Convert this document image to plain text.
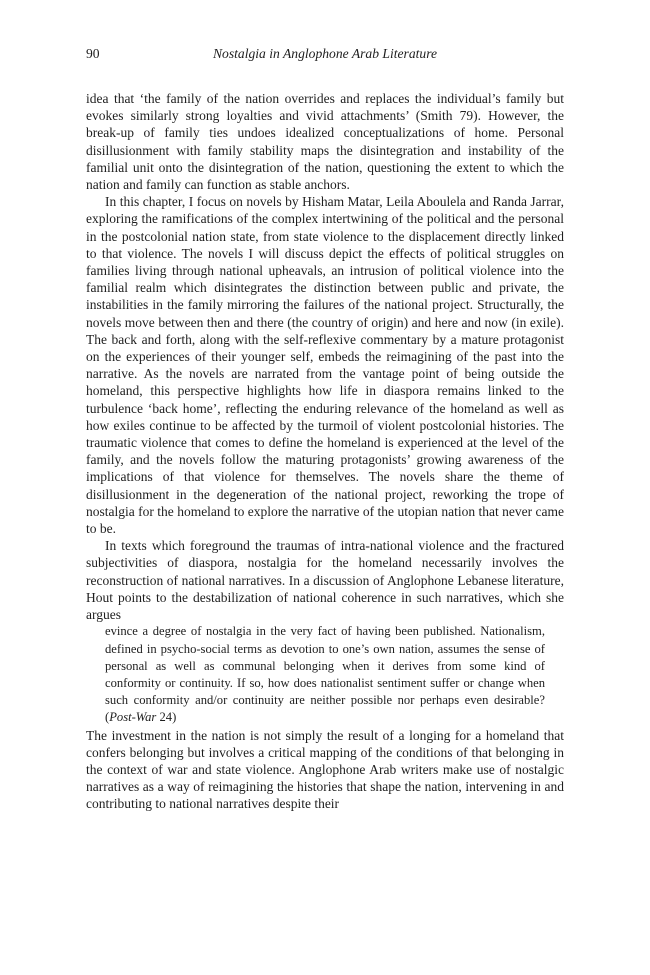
90	Nostalgia in Anglophone Arab Literature

idea that ‘the family of the nation overrides and replaces the individual’s family but evokes similarly strong loyalties and vivid attachments’ (Smith 79). However, the break-up of family ties undoes idealized conceptualizations of home. Personal disillusionment with family stability maps the disintegration and instability of the familial unit onto the disintegration of the nation, questioning the extent to which the nation and family can function as stable anchors.

In this chapter, I focus on novels by Hisham Matar, Leila Aboulela and Randa Jarrar, exploring the ramifications of the complex intertwining of the political and the personal in the postcolonial nation state, from state violence to the displacement directly linked to that violence. The novels I will discuss depict the effects of political struggles on families living through national upheavals, an intrusion of political violence into the familial realm which disintegrates the distinction between public and private, the instabilities in the family mirroring the failures of the national project. Structurally, the novels move between then and there (the country of origin) and here and now (in exile). The back and forth, along with the self-reflexive commentary by a mature protagonist on the experiences of their younger self, embeds the reimagining of the past into the narrative. As the novels are narrated from the vantage point of being outside the homeland, this perspective highlights how life in diaspora remains linked to the turbulence ‘back home’, reflecting the enduring relevance of the homeland as well as how exiles continue to be affected by the turmoil of violent postcolonial histories. The traumatic violence that comes to define the homeland is experienced at the level of the family, and the novels follow the maturing protagonists’ growing awareness of the implications of that violence for themselves. The novels share the theme of disillusionment in the degeneration of the national project, reworking the trope of nostalgia for the homeland to explore the narrative of the utopian nation that never came to be.

In texts which foreground the traumas of intra-national violence and the fractured subjectivities of diaspora, nostalgia for the homeland necessarily involves the reconstruction of national narratives. In a discussion of Anglophone Lebanese literature, Hout points to the destabilization of national coherence in such narratives, which she argues

evince a degree of nostalgia in the very fact of having been published. Nationalism, defined in psycho-social terms as devotion to one’s own nation, assumes the sense of personal as well as communal belonging when it derives from some kind of conformity or continuity. If so, how does nationalist sentiment suffer or change when such conformity and/or continuity are neither possible nor perhaps even desirable? (Post-War 24)

The investment in the nation is not simply the result of a longing for a homeland that confers belonging but involves a critical mapping of the conditions of that belonging in the context of war and state violence. Anglophone Arab writers make use of nostalgic narratives as a way of reimagining the histories that shape the nation, intervening in and contributing to national narratives despite their
